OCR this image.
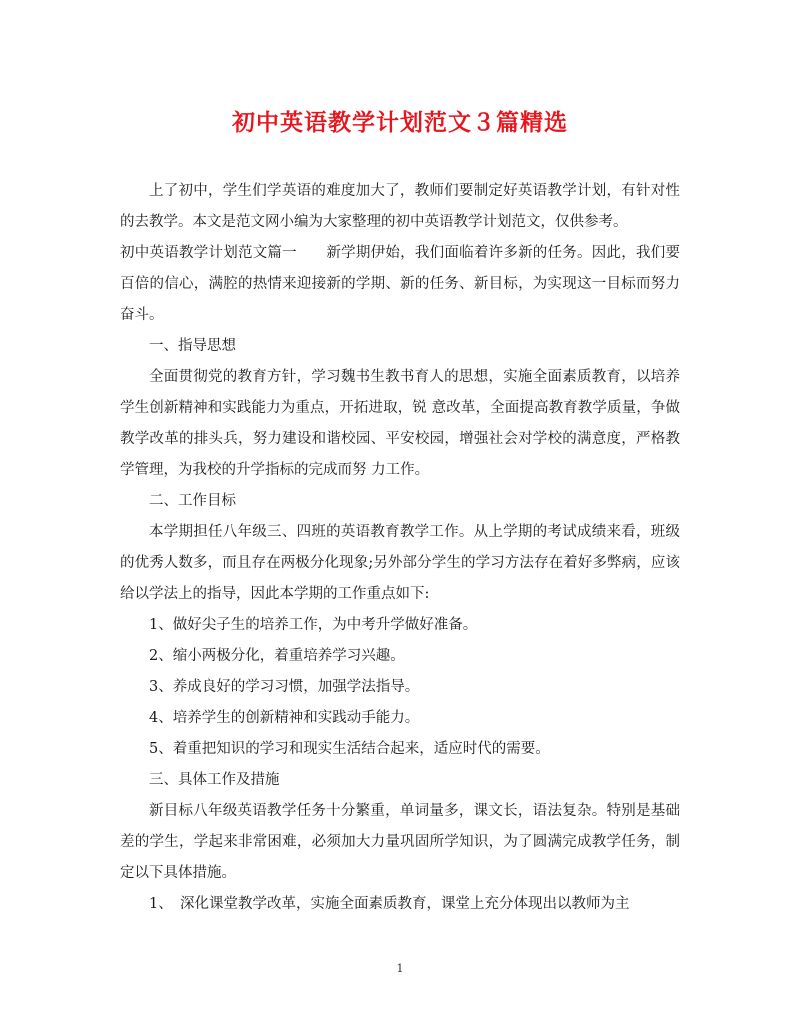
初中英语教学计划范文３篇精选

上了初中，学生们学英语的难度加大了，教师们要制定好英语教学计划，有针对性的去教学。本文是范文网小编为大家整理的初中英语教学计划范文，仅供参考。

初中英语教学计划范文篇一　　新学期伊始，我们面临着许多新的任务。因此，我们要百倍的信心，满腔的热情来迎接新的学期、新的任务、新目标，为实现这一目标而努力奋斗。

一、指导思想

全面贯彻党的教育方针，学习魏书生教书育人的思想，实施全面素质教育，以培养学生创新精神和实践能力为重点，开拓进取，锐 意改革，全面提高教育教学质量，争做教学改革的排头兵，努力建设和谐校园、平安校园，增强社会对学校的满意度，严格教学管理，为我校的升学指标的完成而努 力工作。

二、工作目标

本学期担任八年级三、四班的英语教育教学工作。从上学期的考试成绩来看，班级的优秀人数多，而且存在两极分化现象;另外部分学生的学习方法存在着好多弊病，应该给以学法上的指导，因此本学期的工作重点如下:

1、做好尖子生的培养工作，为中考升学做好准备。

2、缩小两极分化，着重培养学习兴趣。

3、养成良好的学习习惯，加强学法指导。

4、培养学生的创新精神和实践动手能力。

5、着重把知识的学习和现实生活结合起来，适应时代的需要。

三、具体工作及措施

新目标八年级英语教学任务十分繁重，单词量多，课文长，语法复杂。特别是基础差的学生，学起来非常困难，必须加大力量巩固所学知识，为了圆满完成教学任务，制定以下具体措施。

1、　深化课堂教学改革，实施全面素质教育，课堂上充分体现出以教师为主

1
